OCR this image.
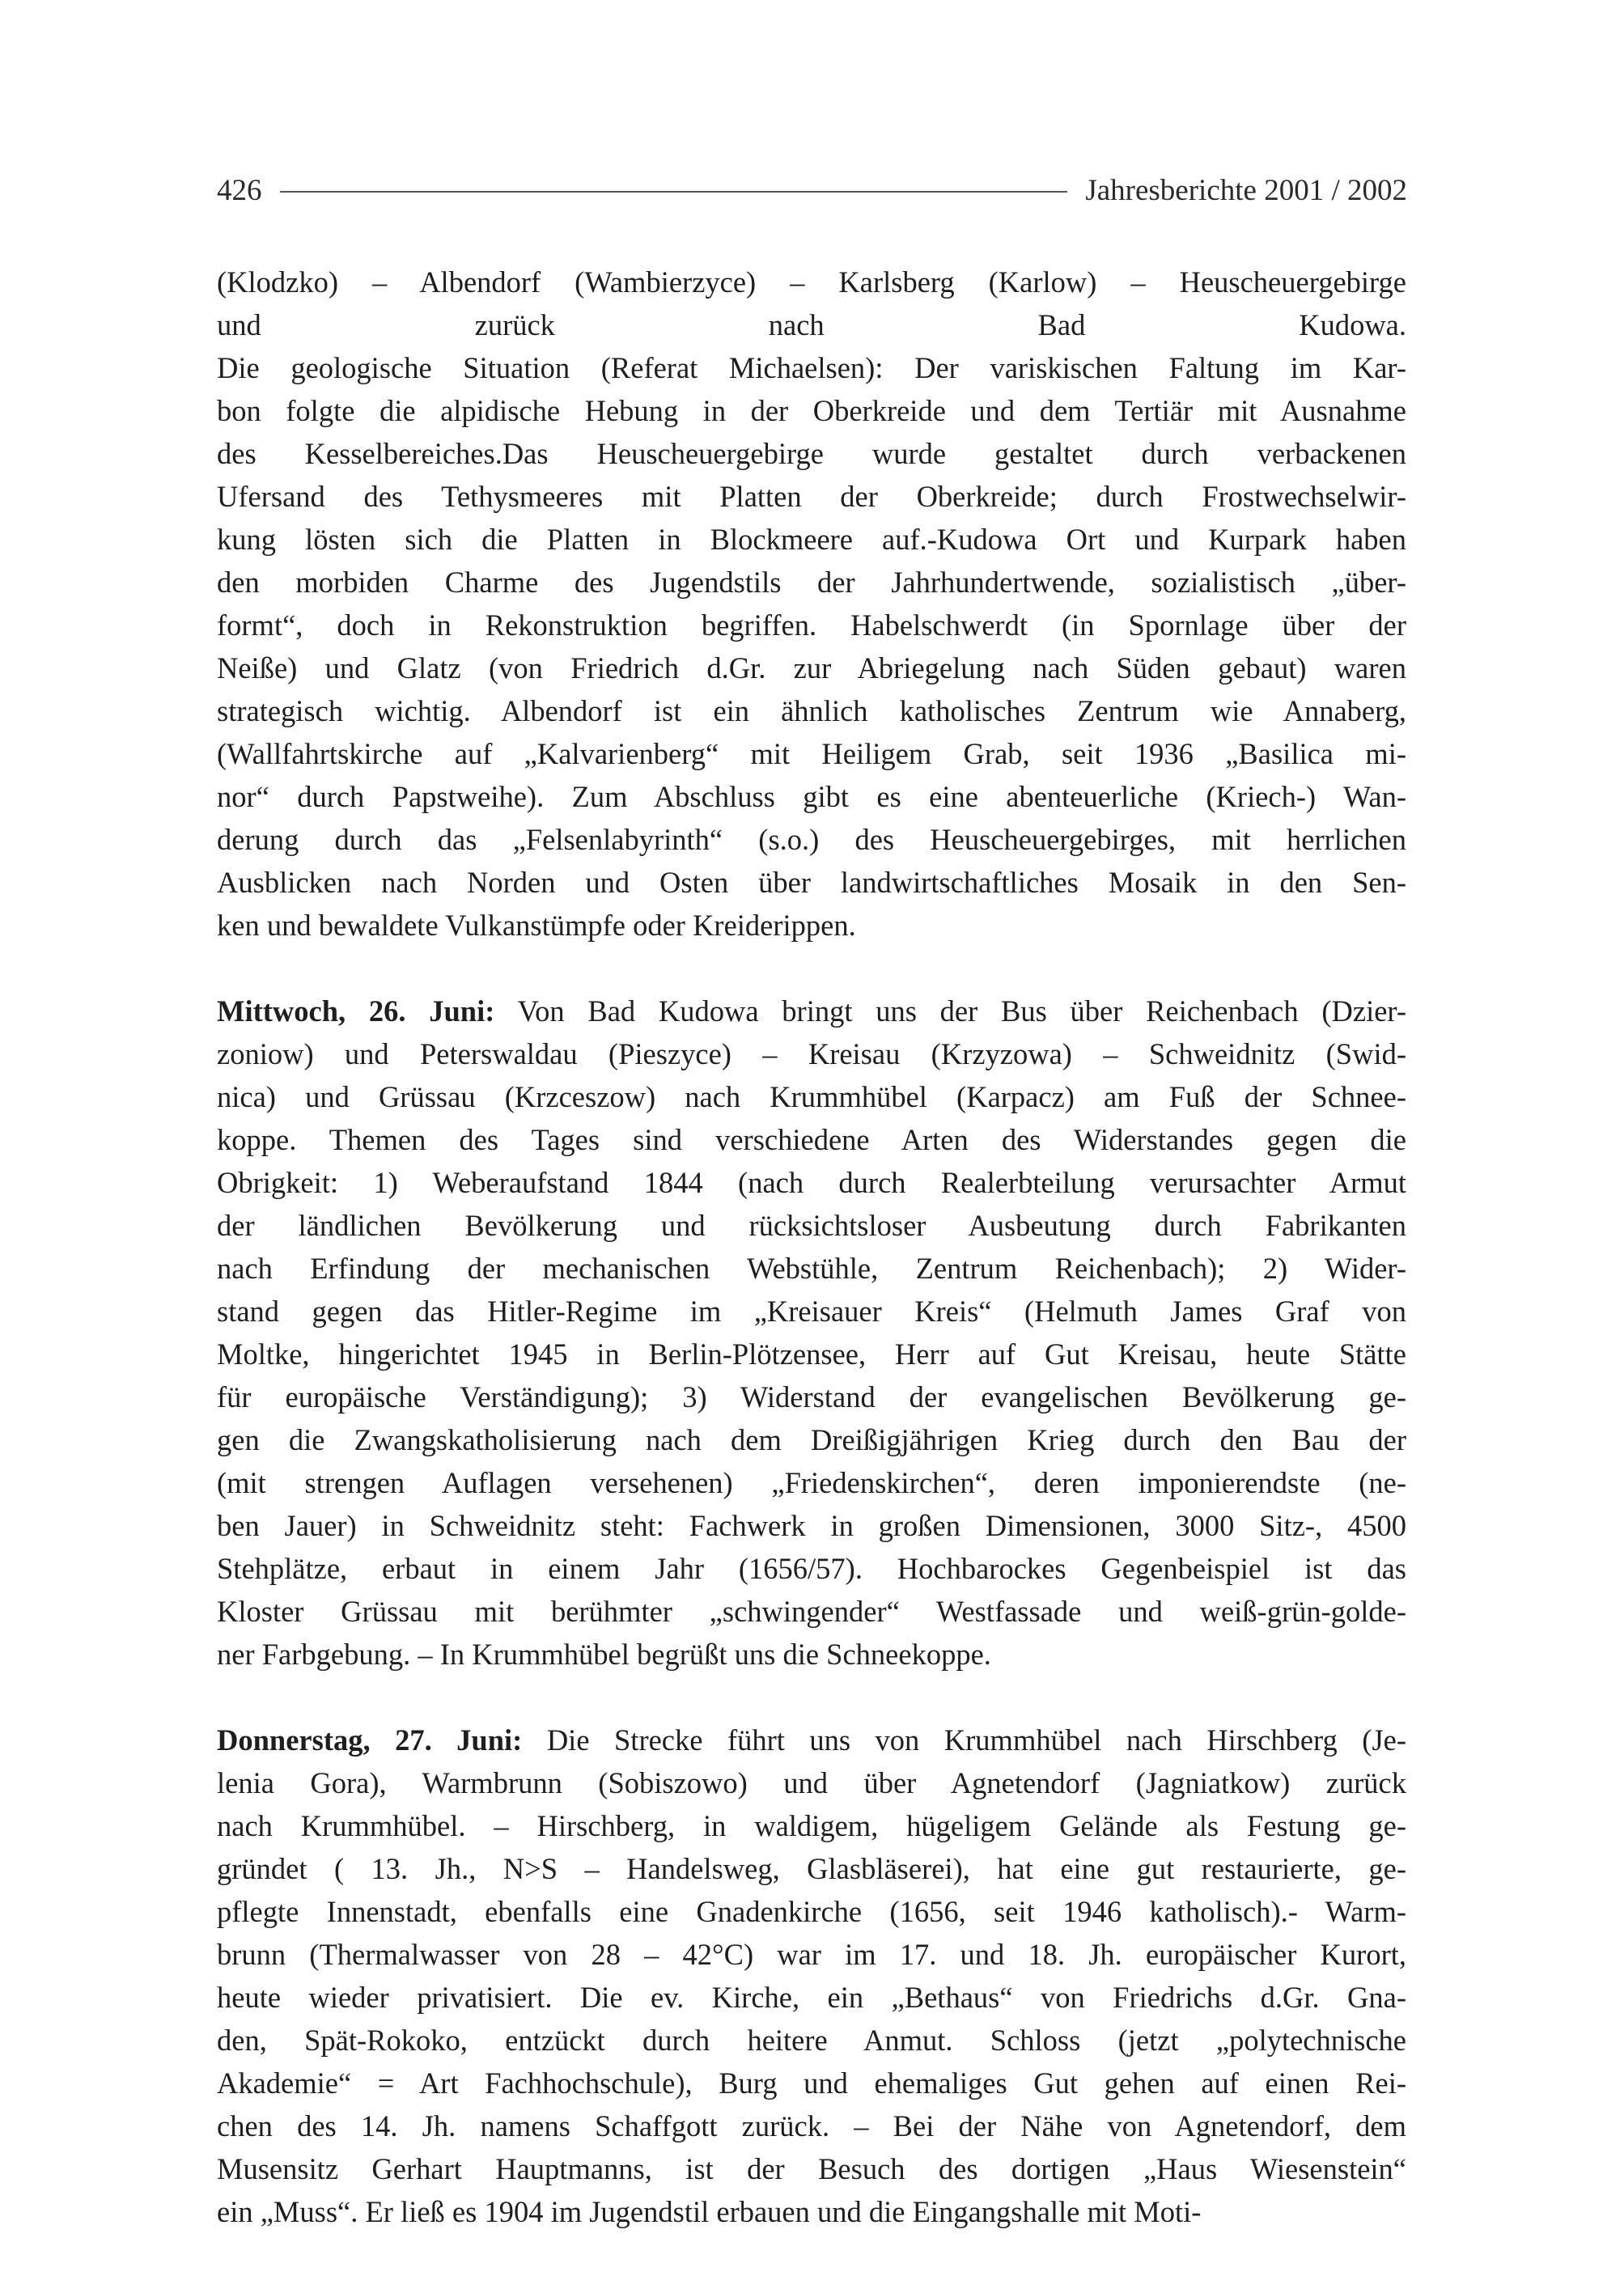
426	Jahresberichte 2001 / 2002
(Klodzko) – Albendorf (Wambierzyce) – Karlsberg (Karlow) – Heuscheuergebirge
und zurück nach Bad Kudowa.
Die geologische Situation (Referat Michaelsen): Der variskischen Faltung im Kar-
bon folgte die alpidische Hebung in der Oberkreide und dem Tertiär mit Ausnahme
des Kesselbereiches.Das Heuscheuergebirge wurde gestaltet durch verbackenen
Ufersand des Tethysmeeres mit Platten der Oberkreide; durch Frostwechselwir-
kung lösten sich die Platten in Blockmeere auf.-Kudowa Ort und Kurpark haben
den morbiden Charme des Jugendstils der Jahrhundertwende, sozialistisch „über-
formt“, doch in Rekonstruktion begriffen. Habelschwerdt (in Spornlage über der
Neiße) und Glatz (von Friedrich d.Gr. zur Abriegelung nach Süden gebaut) waren
strategisch wichtig. Albendorf ist ein ähnlich katholisches Zentrum wie Annaberg,
(Wallfahrtskirche auf „Kalvarienberg“ mit Heiligem Grab, seit 1936 „Basilica mi-
nor“ durch Papstweihe). Zum Abschluss gibt es eine abenteuerliche (Kriech-) Wan-
derung durch das „Felsenlabyrinth“ (s.o.) des Heuscheuergebirges, mit herrlichen
Ausblicken nach Norden und Osten über landwirtschaftliches Mosaik in den Sen-
ken und bewaldete Vulkanstümpfe oder Kreiderippen.
Mittwoch, 26. Juni: Von Bad Kudowa bringt uns der Bus über Reichenbach (Dzier-
zoniow) und Peterswaldau (Pieszyce) – Kreisau (Krzyzowa) – Schweidnitz (Swid-
nica) und Grüssau (Krzceszow) nach Krummhübel (Karpacz) am Fuß der Schnee-
koppe. Themen des Tages sind verschiedene Arten des Widerstandes gegen die
Obrigkeit: 1) Weberaufstand 1844 (nach durch Realerbteilung verursachter Armut
der ländlichen Bevölkerung und rücksichtsloser Ausbeutung durch Fabrikanten
nach Erfindung der mechanischen Webstühle, Zentrum Reichenbach); 2) Wider-
stand gegen das Hitler-Regime im „Kreisauer Kreis“ (Helmuth James Graf von
Moltke, hingerichtet 1945 in Berlin-Plötzensee, Herr auf Gut Kreisau, heute Stätte
für europäische Verständigung); 3) Widerstand der evangelischen Bevölkerung ge-
gen die Zwangskatholisierung nach dem Dreißigjährigen Krieg durch den Bau der
(mit strengen Auflagen versehenen) „Friedenskirchen“, deren imponierendste (ne-
ben Jauer) in Schweidnitz steht: Fachwerk in großen Dimensionen, 3000 Sitz-, 4500
Stehplätze, erbaut in einem Jahr (1656/57). Hochbarockes Gegenbeispiel ist das
Kloster Grüssau mit berühmter „schwingender“ Westfassade und weiß-grün-golde-
ner Farbgebung. – In Krummhübel begrüßt uns die Schneekoppe.
Donnerstag, 27. Juni: Die Strecke führt uns von Krummhübel nach Hirschberg (Je-
lenia Gora), Warmbrunn (Sobiszowo) und über Agnetendorf (Jagniatkow) zurück
nach Krummhübel. – Hirschberg, in waldigem, hügeligem Gelände als Festung ge-
gründet ( 13. Jh., N>S – Handelsweg, Glasbläserei), hat eine gut restaurierte, ge-
pflegte Innenstadt, ebenfalls eine Gnadenkirche (1656, seit 1946 katholisch).- Warm-
brunn (Thermalwasser von 28 – 42°C) war im 17. und 18. Jh. europäischer Kurort,
heute wieder privatisiert. Die ev. Kirche, ein „Bethaus“ von Friedrichs d.Gr. Gna-
den, Spät-Rokoko, entzückt durch heitere Anmut. Schloss (jetzt „polytechnische
Akademie“ = Art Fachhochschule), Burg und ehemaliges Gut gehen auf einen Rei-
chen des 14. Jh. namens Schaffgott zurück. – Bei der Nähe von Agnetendorf, dem
Musensitz Gerhart Hauptmanns, ist der Besuch des dortigen „Haus Wiesenstein“
ein „Muss“. Er ließ es 1904 im Jugendstil erbauen und die Eingangshalle mit Moti-
